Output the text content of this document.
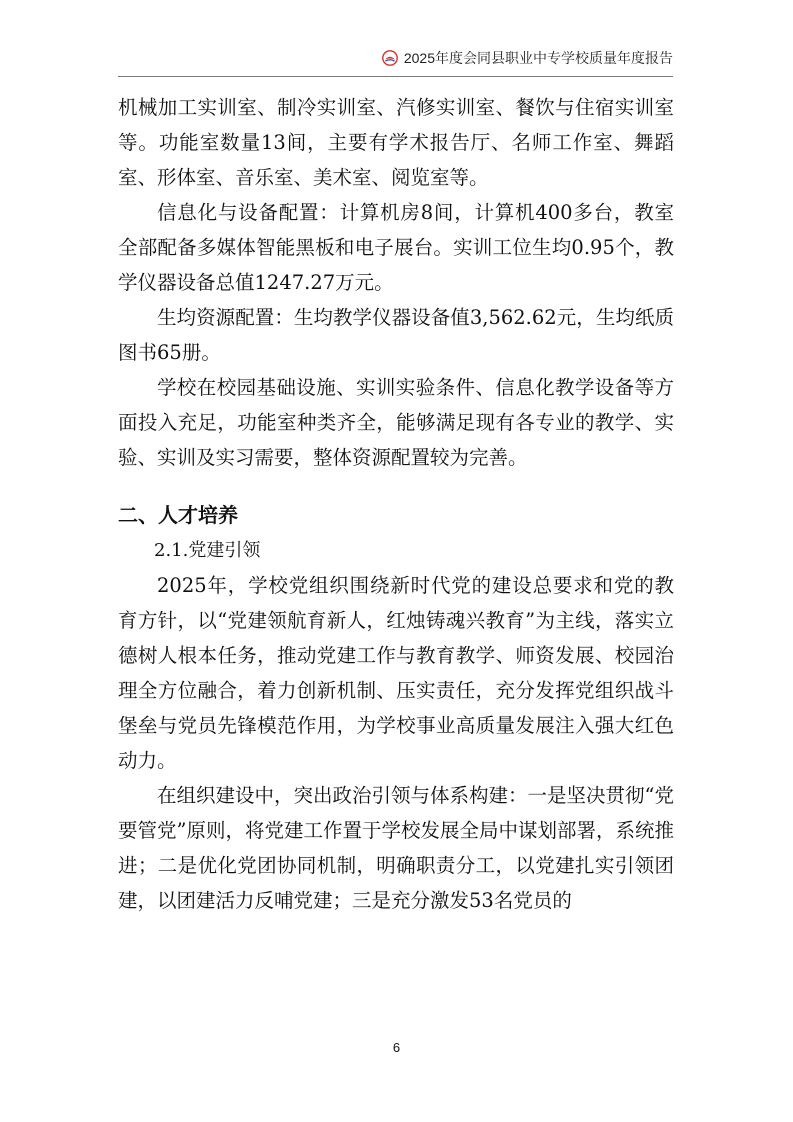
2025年度会同县职业中专学校质量年度报告

机械加工实训室、制冷实训室、汽修实训室、餐饮与住宿实训室等。功能室数量13间，主要有学术报告厅、名师工作室、舞蹈室、形体室、音乐室、美术室、阅览室等。

信息化与设备配置：计算机房8间，计算机400多台，教室全部配备多媒体智能黑板和电子展台。实训工位生均0.95个，教学仪器设备总值1247.27万元。

生均资源配置：生均教学仪器设备值3,562.62元，生均纸质图书65册。

学校在校园基础设施、实训实验条件、信息化教学设备等方面投入充足，功能室种类齐全，能够满足现有各专业的教学、实验、实训及实习需要，整体资源配置较为完善。

二、人才培养

2.1.党建引领

2025年，学校党组织围绕新时代党的建设总要求和党的教育方针，以“党建领航育新人，红烛铸魂兴教育”为主线，落实立德树人根本任务，推动党建工作与教育教学、师资发展、校园治理全方位融合，着力创新机制、压实责任，充分发挥党组织战斗堡垒与党员先锋模范作用，为学校事业高质量发展注入强大红色动力。

在组织建设中，突出政治引领与体系构建：一是坚决贯彻“党要管党”原则，将党建工作置于学校发展全局中谋划部署，系统推进；二是优化党团协同机制，明确职责分工，以党建扎实引领团建，以团建活力反哺党建；三是充分激发53名党员的

6
